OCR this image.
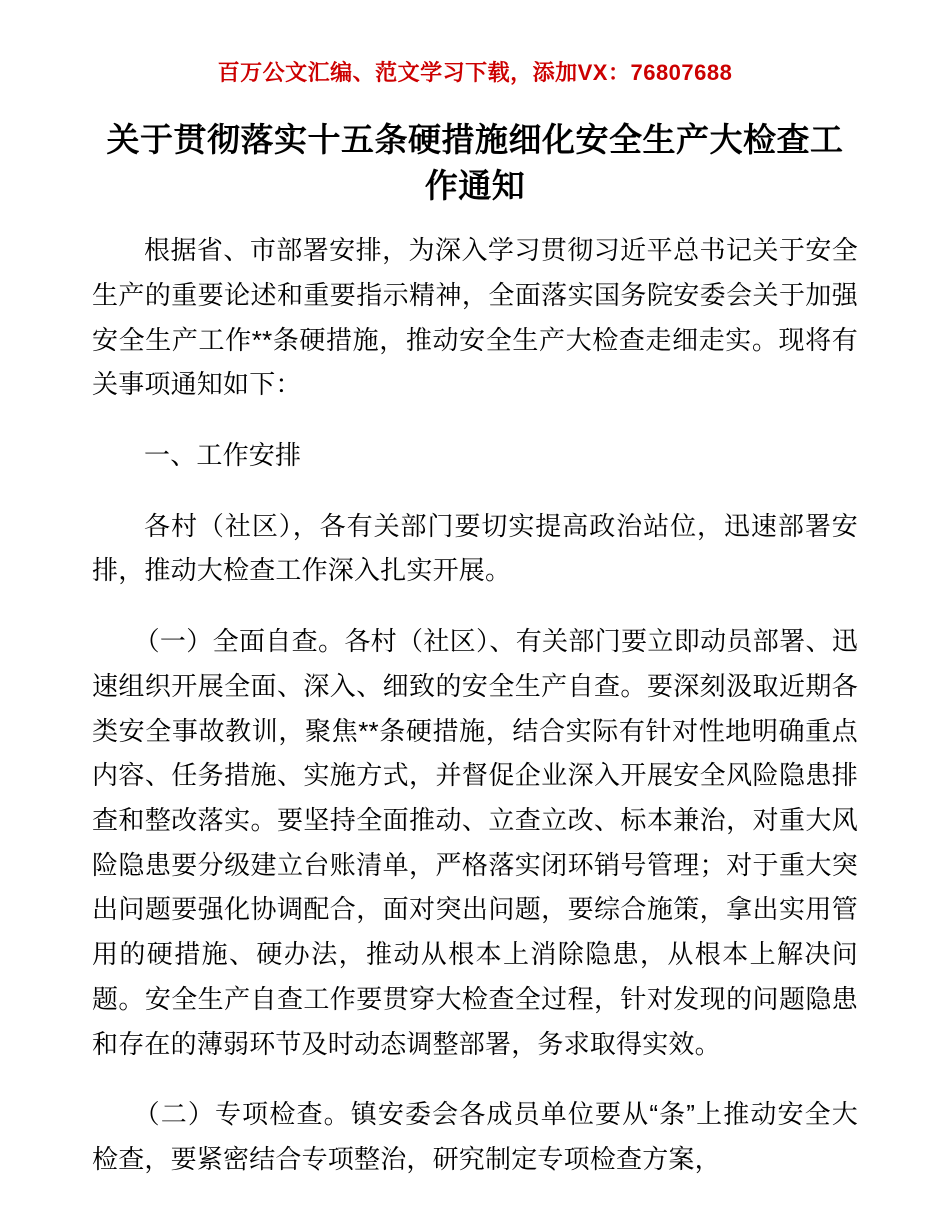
百万公文汇编、范文学习下载，添加VX：76807688
关于贯彻落实十五条硬措施细化安全生产大检查工作通知

根据省、市部署安排，为深入学习贯彻习近平总书记关于安全生产的重要论述和重要指示精神，全面落实国务院安委会关于加强安全生产工作**条硬措施，推动安全生产大检查走细走实。现将有关事项通知如下：

一、工作安排

各村（社区），各有关部门要切实提高政治站位，迅速部署安排，推动大检查工作深入扎实开展。

（一）全面自查。各村（社区）、有关部门要立即动员部署、迅速组织开展全面、深入、细致的安全生产自查。要深刻汲取近期各类安全事故教训，聚焦**条硬措施，结合实际有针对性地明确重点内容、任务措施、实施方式，并督促企业深入开展安全风险隐患排查和整改落实。要坚持全面推动、立查立改、标本兼治，对重大风险隐患要分级建立台账清单，严格落实闭环销号管理；对于重大突出问题要强化协调配合，面对突出问题，要综合施策，拿出实用管用的硬措施、硬办法，推动从根本上消除隐患，从根本上解决问题。安全生产自查工作要贯穿大检查全过程，针对发现的问题隐患和存在的薄弱环节及时动态调整部署，务求取得实效。

（二）专项检查。镇安委会各成员单位要从“条”上推动安全大检查，要紧密结合专项整治，研究制定专项检查方案，
